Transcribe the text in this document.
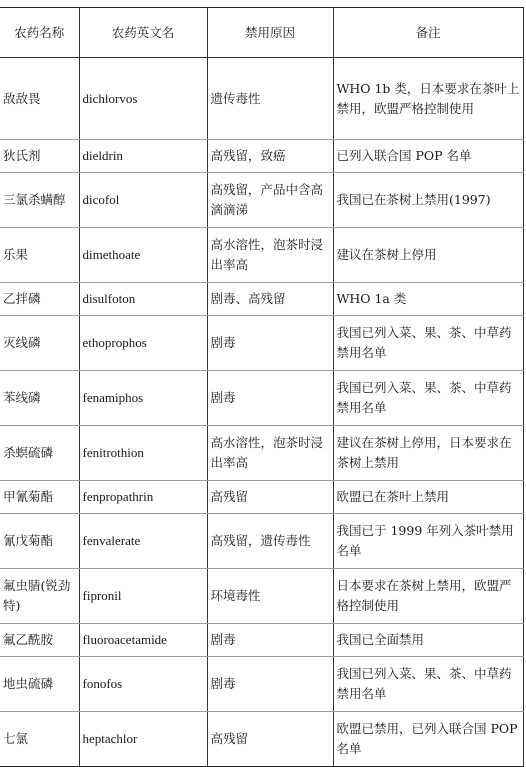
农药名称	农药英文名	禁用原因	备注
敌敌畏	dichlorvos	遗传毒性	WHO 1b 类，日本要求在茶叶上禁用，欧盟严格控制使用
狄氏剂	dieldrin	高残留，致癌	已列入联合国 POP 名单
三氯杀螨醇	dicofol	高残留，产品中含高滴滴涕	我国已在茶树上禁用(1997)
乐果	dimethoate	高水溶性，泡茶时浸出率高	建议在茶树上停用
乙拌磷	disulfoton	剧毒、高残留	WHO 1a 类
灭线磷	ethoprophos	剧毒	我国已列入菜、果、茶、中草药禁用名单
苯线磷	fenamiphos	剧毒	我国已列入菜、果、茶、中草药禁用名单
杀螟硫磷	fenitrothion	高水溶性，泡茶时浸出率高	建议在茶树上停用，日本要求在茶树上禁用
甲氰菊酯	fenpropathrin	高残留	欧盟已在茶叶上禁用
氰戊菊酯	fenvalerate	高残留，遗传毒性	我国已于 1999 年列入茶叶禁用名单
氟虫腈(锐劲特)	fipronil	环境毒性	日本要求在茶树上禁用，欧盟严格控制使用
氟乙酰胺	fluoroacetamide	剧毒	我国已全面禁用
地虫硫磷	fonofos	剧毒	我国已列入菜、果、茶、中草药禁用名单
七氯	heptachlor	高残留	欧盟已禁用，已列入联合国 POP 名单
